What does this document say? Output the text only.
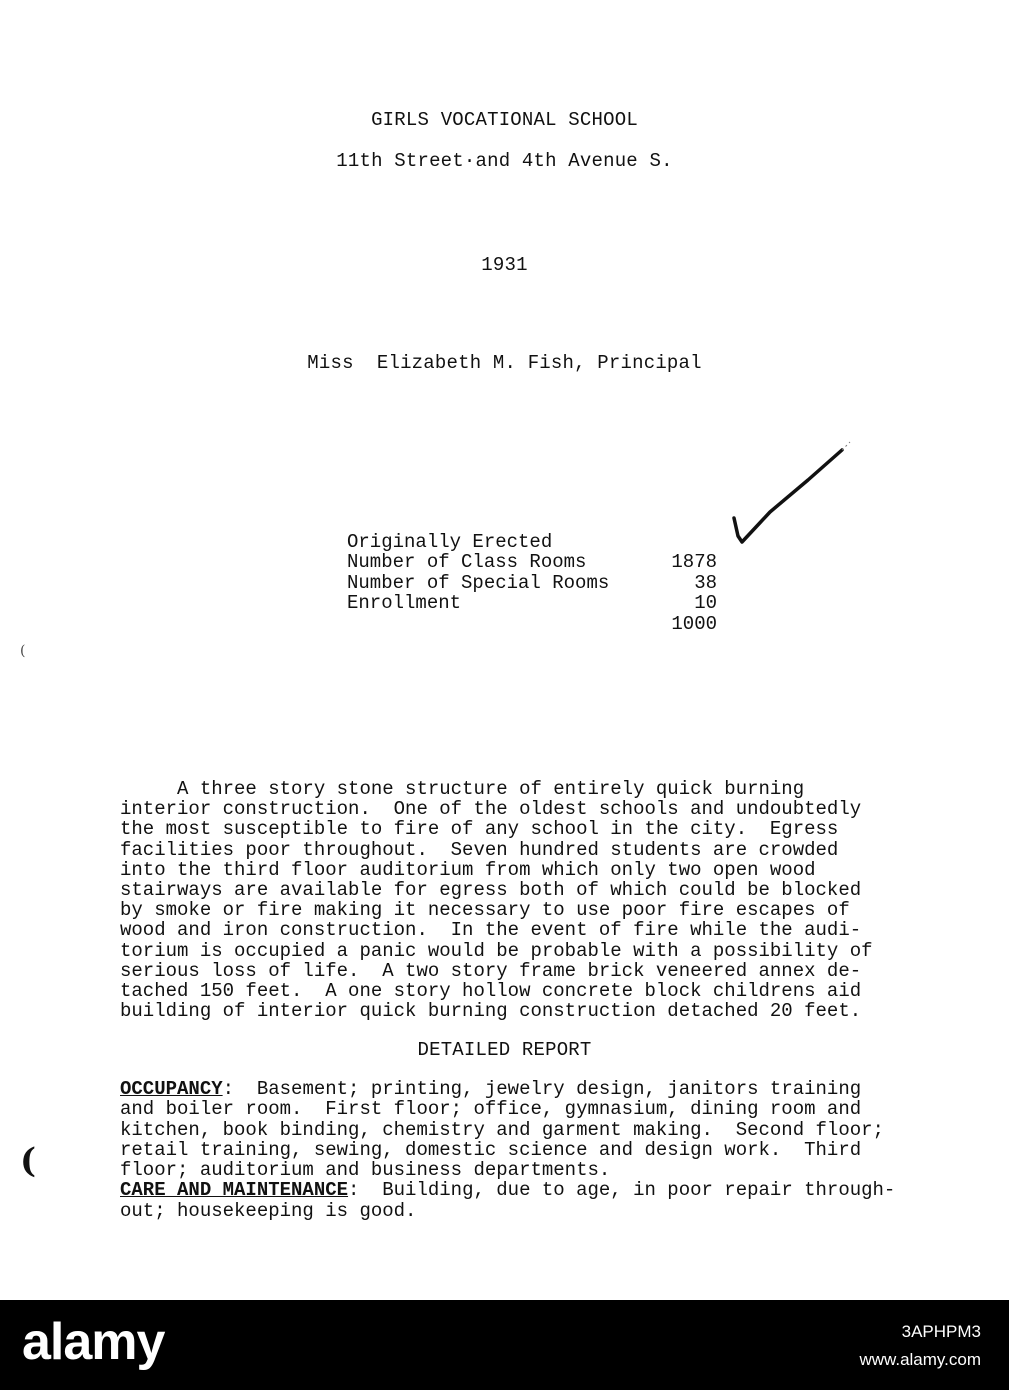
GIRLS VOCATIONAL SCHOOL
11th Street·and 4th Avenue S.
1931
Miss  Elizabeth M. Fish, Principal

Originally Erected

1878

Number of Class Rooms

38

Number of Special Rooms

10

Enrollment

1000

(
(
A three story stone structure of entirely quick burning
interior construction.  One of the oldest schools and undoubtedly
the most susceptible to fire of any school in the city.  Egress
facilities poor throughout.  Seven hundred students are crowded
into the third floor auditorium from which only two open wood
stairways are available for egress both of which could be blocked
by smoke or fire making it necessary to use poor fire escapes of
wood and iron construction.  In the event of fire while the audi-
torium is occupied a panic would be probable with a possibility of
serious loss of life.  A two story frame brick veneered annex de-
tached 150 feet.  A one story hollow concrete block childrens aid
building of interior quick burning construction detached 20 feet.
DETAILED REPORT
OCCUPANCY:  Basement; printing, jewelry design, janitors training
and boiler room.  First floor; office, gymnasium, dining room and
kitchen, book binding, chemistry and garment making.  Second floor;
retail training, sewing, domestic science and design work.  Third
floor; auditorium and business departments.
CARE AND MAINTENANCE:  Building, due to age, in poor repair through-
out; housekeeping is good.
alamy	3APHPM3
www.alamy.com
